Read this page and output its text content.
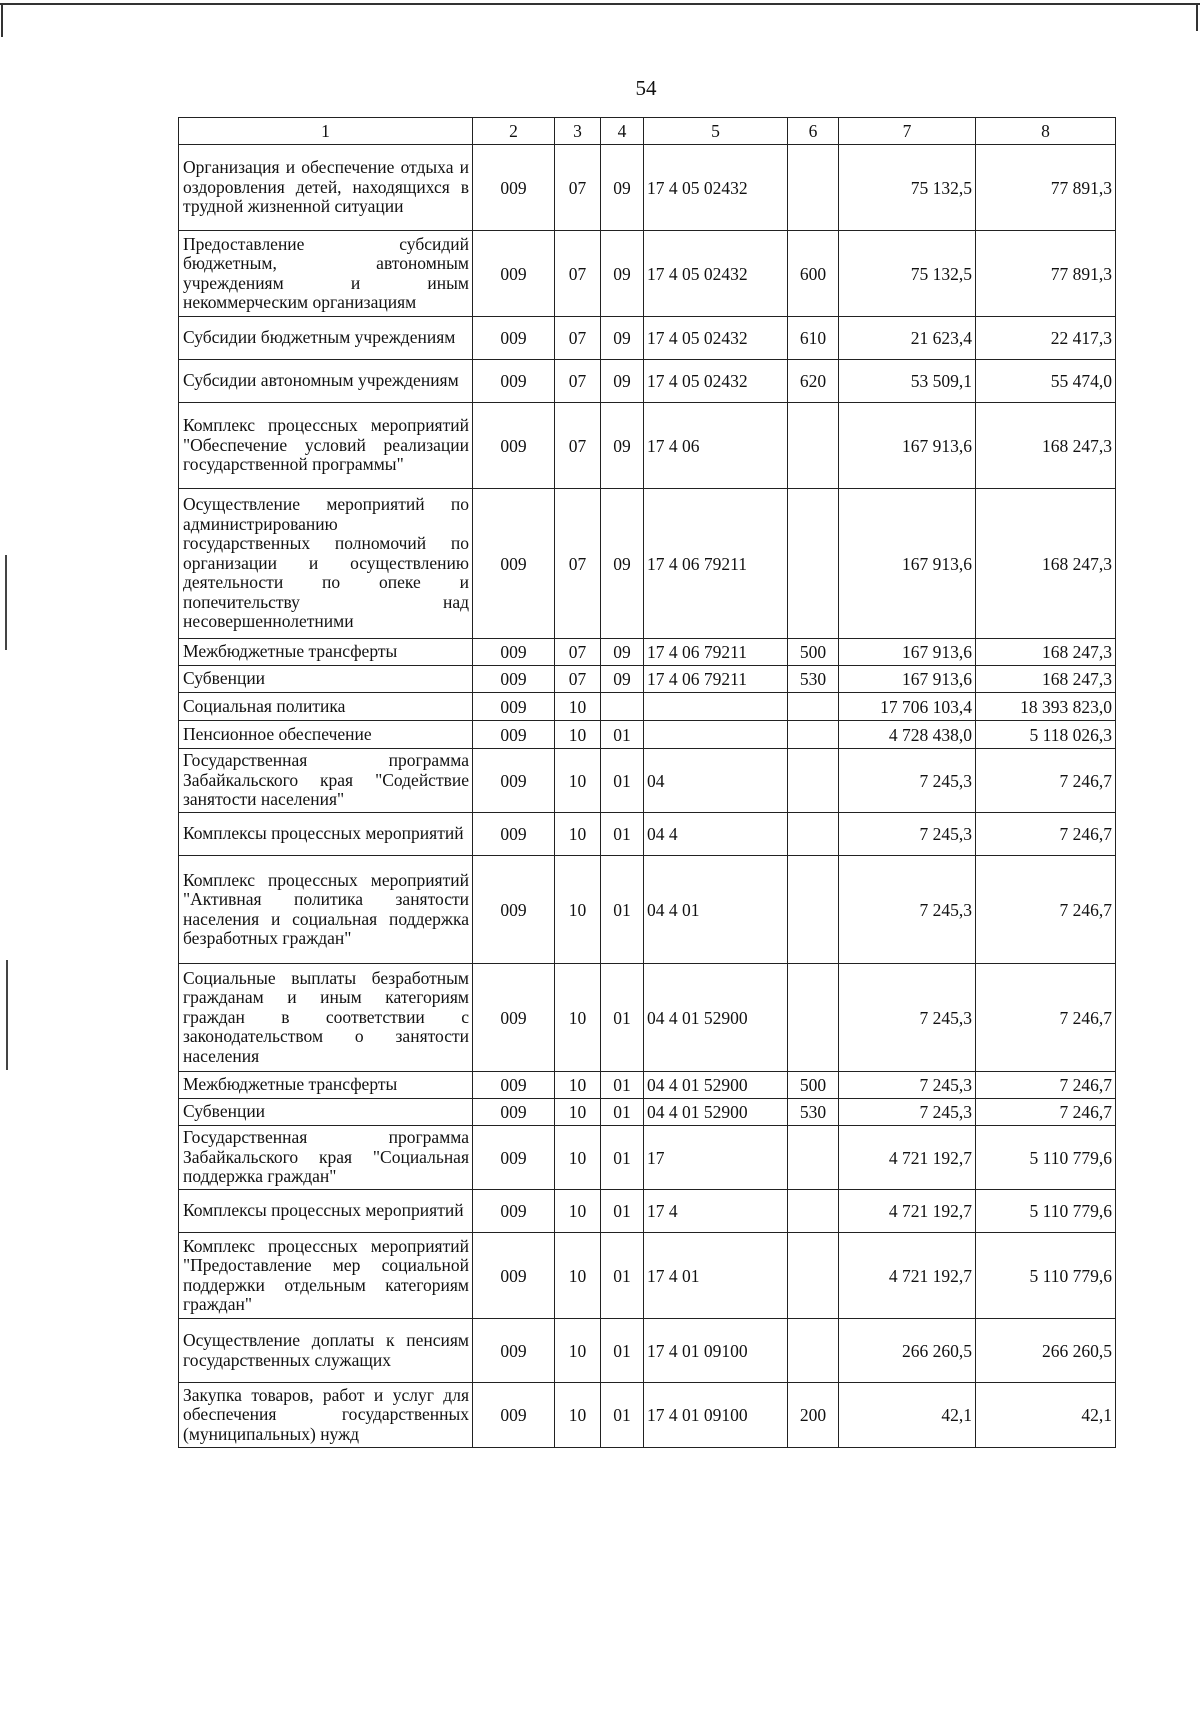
54
1	2	3	4	5	6	7	8
Организация и обеспечение отдыха и оздоровления детей, находящихся в трудной жизненной ситуации	009	07	09	17 4 05 02432		75 132,5	77 891,3
Предоставление субсидий бюджетным, автономным учреждениям и иным некоммерческим организациям	009	07	09	17 4 05 02432	600	75 132,5	77 891,3
Субсидии бюджетным учреждениям	009	07	09	17 4 05 02432	610	21 623,4	22 417,3
Субсидии автономным учреждениям	009	07	09	17 4 05 02432	620	53 509,1	55 474,0
Комплекс процессных мероприятий "Обеспечение условий реализации государственной программы"	009	07	09	17 4 06		167 913,6	168 247,3
Осуществление мероприятий по администрированию государственных полномочий по организации и осуществлению деятельности по опеке и попечительству над несовершеннолетними	009	07	09	17 4 06 79211		167 913,6	168 247,3
Межбюджетные трансферты	009	07	09	17 4 06 79211	500	167 913,6	168 247,3
Субвенции	009	07	09	17 4 06 79211	530	167 913,6	168 247,3
Социальная политика	009	10				17 706 103,4	18 393 823,0
Пенсионное обеспечение	009	10	01			4 728 438,0	5 118 026,3
Государственная программа Забайкальского края "Содействие занятости населения"	009	10	01	04		7 245,3	7 246,7
Комплексы процессных мероприятий	009	10	01	04 4		7 245,3	7 246,7
Комплекс процессных мероприятий "Активная политика занятости населения и социальная поддержка безработных граждан"	009	10	01	04 4 01		7 245,3	7 246,7
Социальные выплаты безработным гражданам и иным категориям граждан в соответствии с законодательством о занятости населения	009	10	01	04 4 01 52900		7 245,3	7 246,7
Межбюджетные трансферты	009	10	01	04 4 01 52900	500	7 245,3	7 246,7
Субвенции	009	10	01	04 4 01 52900	530	7 245,3	7 246,7
Государственная программа Забайкальского края "Социальная поддержка граждан"	009	10	01	17		4 721 192,7	5 110 779,6
Комплексы процессных мероприятий	009	10	01	17 4		4 721 192,7	5 110 779,6
Комплекс процессных мероприятий "Предоставление мер социальной поддержки отдельным категориям граждан"	009	10	01	17 4 01		4 721 192,7	5 110 779,6
Осуществление доплаты к пенсиям государственных служащих	009	10	01	17 4 01 09100		266 260,5	266 260,5
Закупка товаров, работ и услуг для обеспечения государственных (муниципальных) нужд	009	10	01	17 4 01 09100	200	42,1	42,1
